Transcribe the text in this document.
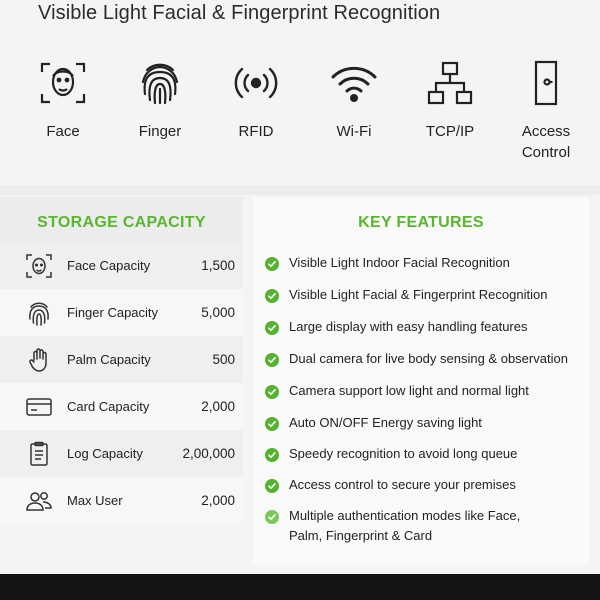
Visible Light Facial & Fingerprint Recognition
Face	Finger	RFID	Wi-Fi	TCP/IP	Access Control
STORAGE CAPACITY
Face Capacity	1,500
Finger Capacity	5,000
Palm Capacity	500
Card Capacity	2,000
Log Capacity	2,00,000
Max User	2,000
KEY FEATURES
Visible Light Indoor Facial Recognition
Visible Light Facial & Fingerprint Recognition
Large display with easy handling features
Dual camera for live body sensing & observation
Camera support low light and normal light
Auto ON/OFF Energy saving light
Speedy recognition to avoid long queue
Access control to secure your premises
Multiple authentication modes like Face, Palm, Fingerprint & Card
